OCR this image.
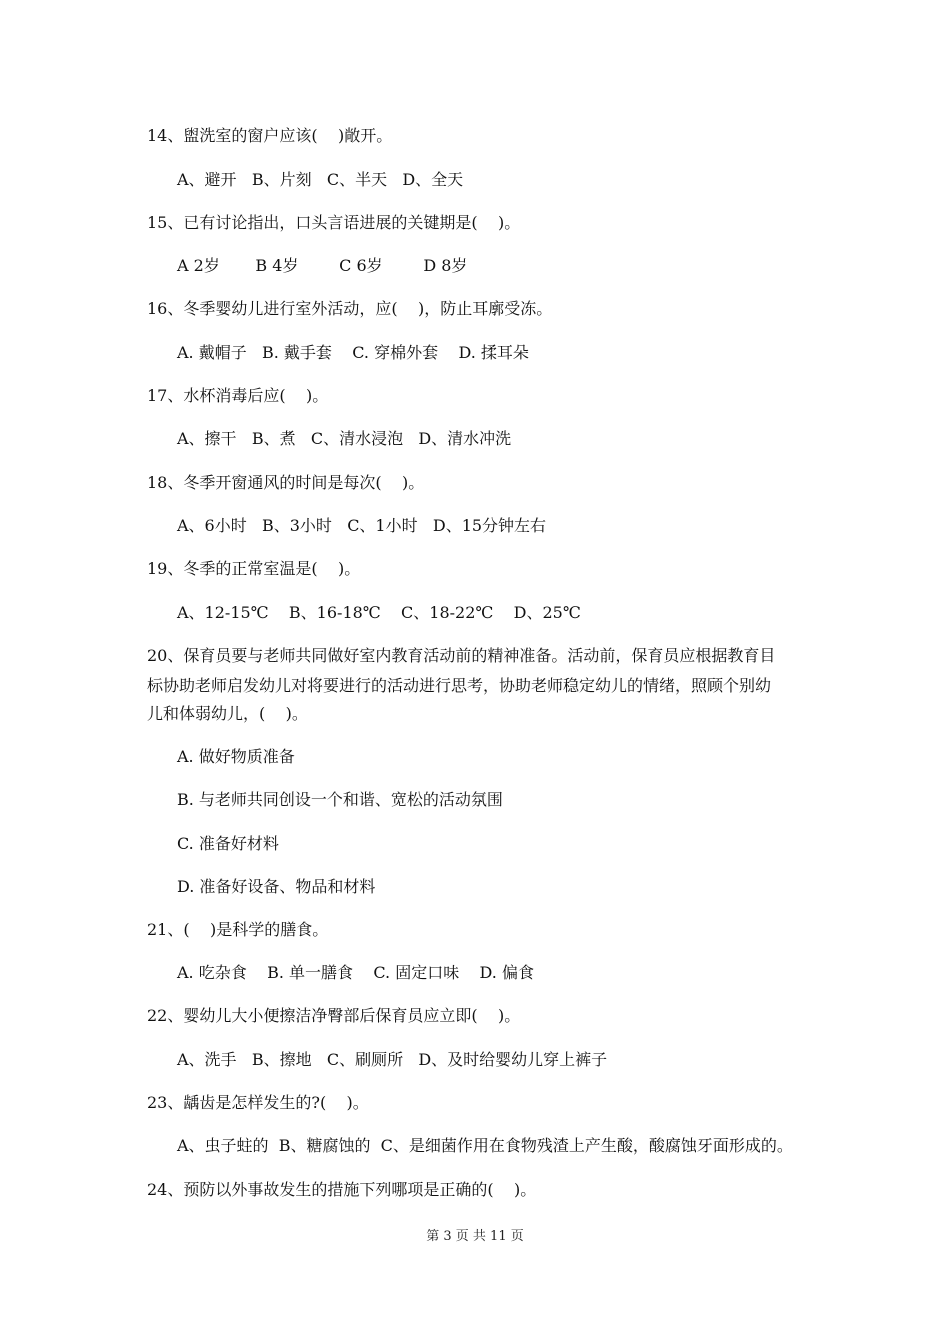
14、盥洗室的窗户应该(    )敞开。
A、避开   B、片刻   C、半天   D、全天
15、已有讨论指出，口头言语进展的关键期是(    )。
A 2岁       B 4岁        C 6岁        D 8岁
16、冬季婴幼儿进行室外活动，应(    )，防止耳廓受冻。
A. 戴帽子   B. 戴手套    C. 穿棉外套    D. 揉耳朵
17、水杯消毒后应(    )。
A、擦干   B、煮   C、清水浸泡   D、清水冲洗
18、冬季开窗通风的时间是每次(    )。
A、6小时   B、3小时   C、1小时   D、15分钟左右
19、冬季的正常室温是(    )。
A、12-15℃    B、16-18℃    C、18-22℃    D、25℃
20、保育员要与老师共同做好室内教育活动前的精神准备。活动前，保育员应根据教育目
标协助老师启发幼儿对将要进行的活动进行思考，协助老师稳定幼儿的情绪，照顾个别幼
儿和体弱幼儿，(    )。
A. 做好物质准备
B. 与老师共同创设一个和谐、宽松的活动氛围
C. 准备好材料
D. 准备好设备、物品和材料
21、(    )是科学的膳食。
A. 吃杂食    B. 单一膳食    C. 固定口味    D. 偏食
22、婴幼儿大小便擦洁净臀部后保育员应立即(    )。
A、洗手   B、擦地   C、刷厕所   D、及时给婴幼儿穿上裤子
23、龋齿是怎样发生的?(    )。
A、虫子蛀的  B、糖腐蚀的  C、是细菌作用在食物残渣上产生酸，酸腐蚀牙面形成的。
24、预防以外事故发生的措施下列哪项是正确的(    )。
第 3 页 共 11 页
